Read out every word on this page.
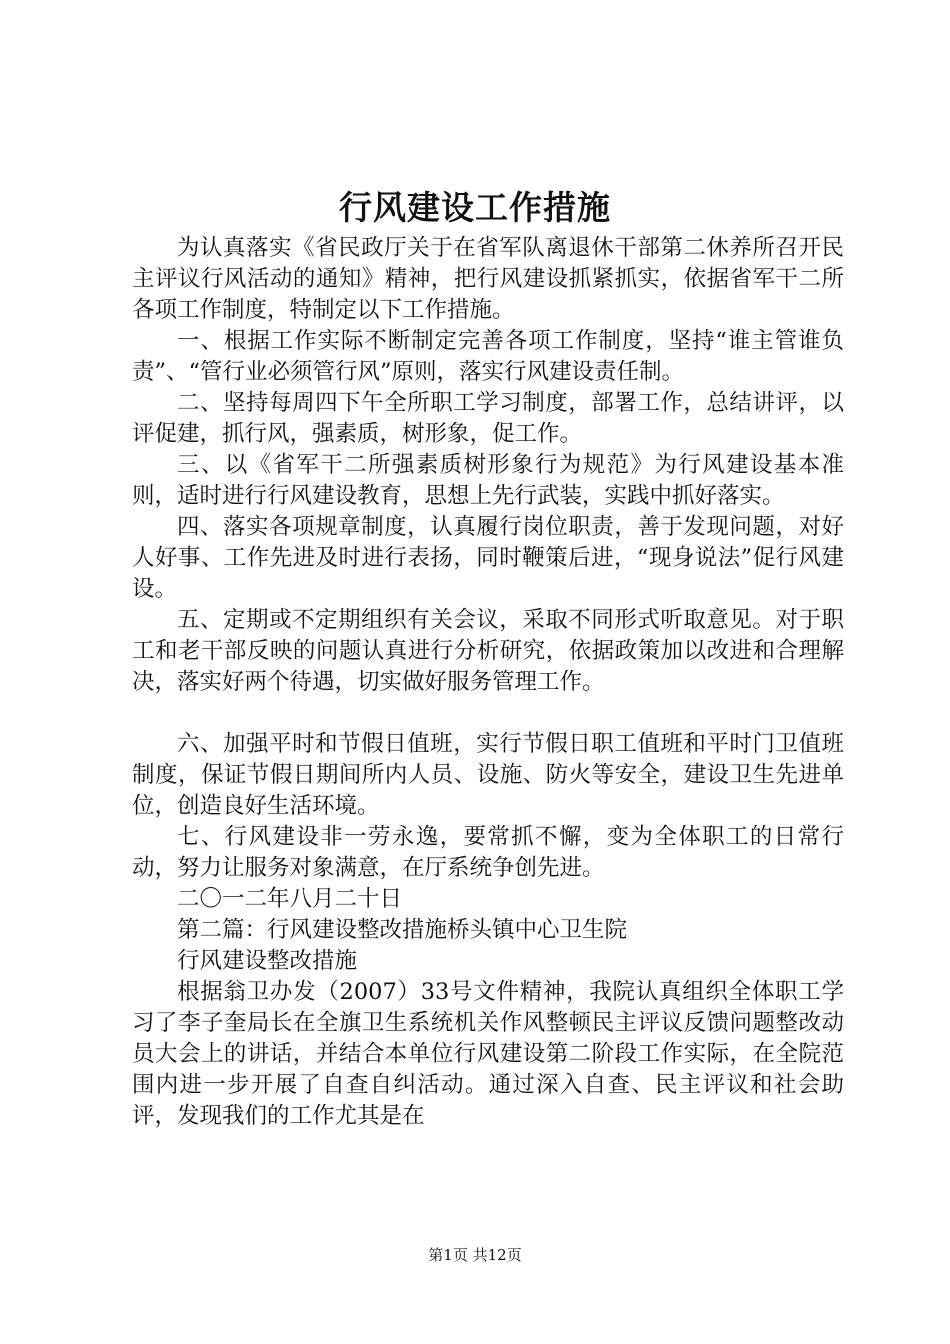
行风建设工作措施

为认真落实《省民政厅关于在省军队离退休干部第二休养所召开民主评议行风活动的通知》精神，把行风建设抓紧抓实，依据省军干二所各项工作制度，特制定以下工作措施。

一、根据工作实际不断制定完善各项工作制度，坚持“谁主管谁负责”、“管行业必须管行风”原则，落实行风建设责任制。

二、坚持每周四下午全所职工学习制度，部署工作，总结讲评，以评促建，抓行风，强素质，树形象，促工作。

三、以《省军干二所强素质树形象行为规范》为行风建设基本准则，适时进行行风建设教育，思想上先行武装，实践中抓好落实。

四、落实各项规章制度，认真履行岗位职责，善于发现问题，对好人好事、工作先进及时进行表扬，同时鞭策后进，“现身说法”促行风建设。

五、定期或不定期组织有关会议，采取不同形式听取意见。对于职工和老干部反映的问题认真进行分析研究，依据政策加以改进和合理解决，落实好两个待遇，切实做好服务管理工作。

六、加强平时和节假日值班，实行节假日职工值班和平时门卫值班制度，保证节假日期间所内人员、设施、防火等安全，建设卫生先进单位，创造良好生活环境。

七、行风建设非一劳永逸，要常抓不懈，变为全体职工的日常行动，努力让服务对象满意，在厅系统争创先进。

二〇一二年八月二十日

第二篇：行风建设整改措施桥头镇中心卫生院

行风建设整改措施

根据翁卫办发（2007）33号文件精神，我院认真组织全体职工学习了李子奎局长在全旗卫生系统机关作风整顿民主评议反馈问题整改动员大会上的讲话，并结合本单位行风建设第二阶段工作实际，在全院范围内进一步开展了自查自纠活动。通过深入自查、民主评议和社会助评，发现我们的工作尤其是在

第1页 共12页
